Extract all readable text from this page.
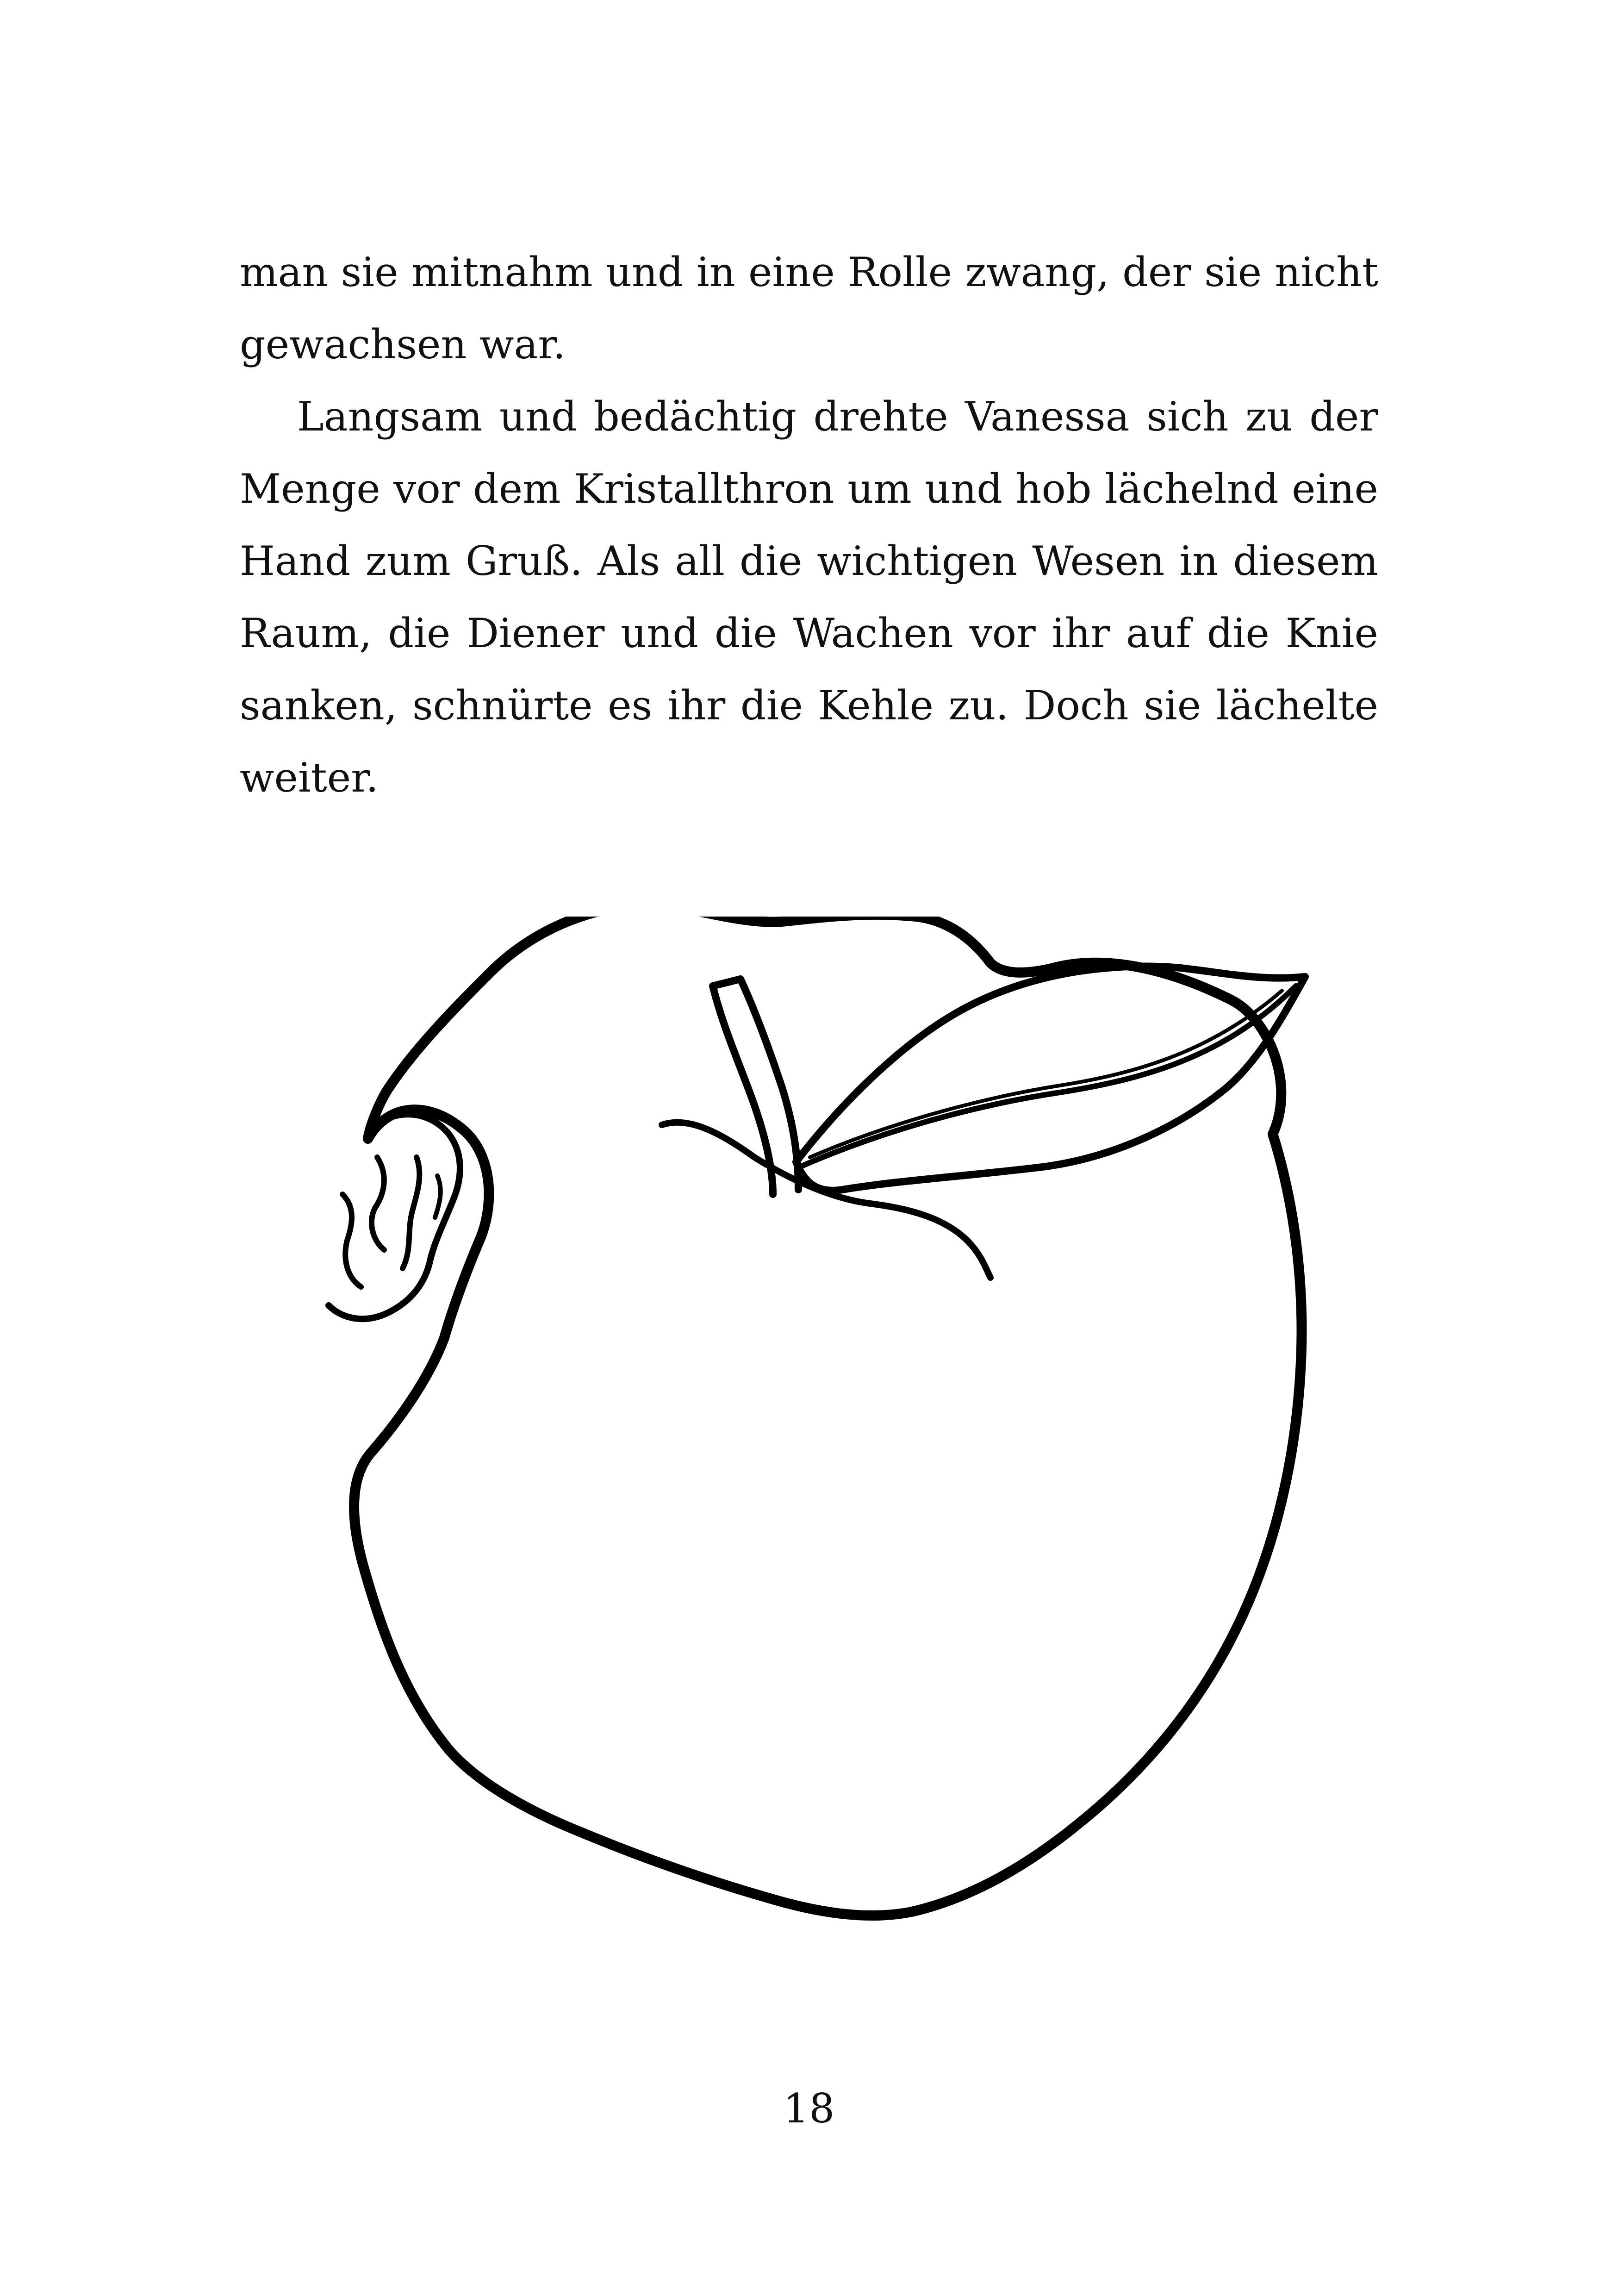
man sie mitnahm und in eine Rolle zwang, der sie nicht gewachsen war.

Langsam und bedächtig drehte Vanessa sich zu der Menge vor dem Kristallthron um und hob lächelnd eine Hand zum Gruß. Als all die wichtigen Wesen in diesem Raum, die Diener und die Wachen vor ihr auf die Knie sanken, schnürte es ihr die Kehle zu. Doch sie lächelte weiter.

18
